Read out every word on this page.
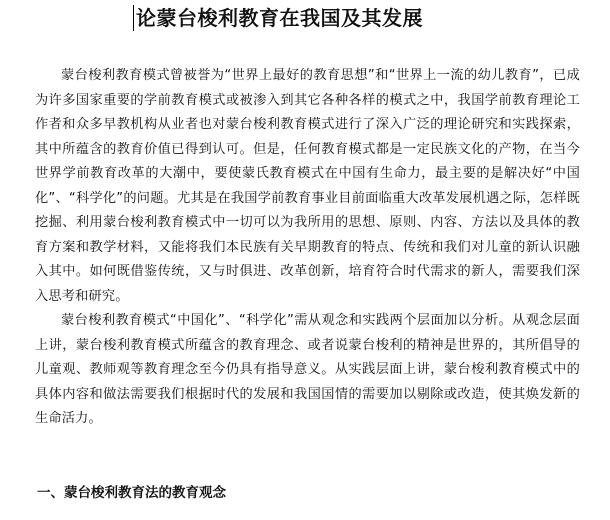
论蒙台梭利教育在我国及其发展

蒙台梭利教育模式曾被誉为“世界上最好的教育思想”和“世界上一流的幼儿教育”，已成为许多国家重要的学前教育模式或被渗入到其它各种各样的模式之中，我国学前教育理论工作者和众多早教机构从业者也对蒙台梭利教育模式进行了深入广泛的理论研究和实践探索，其中所蕴含的教育价值已得到认可。但是，任何教育模式都是一定民族文化的产物，在当今世界学前教育改革的大潮中，要使蒙氏教育模式在中国有生命力，最主要的是解决好“中国化”、“科学化”的问题。尤其是在我国学前教育事业目前面临重大改革发展机遇之际，怎样既挖掘、利用蒙台梭利教育模式中一切可以为我所用的思想、原则、内容、方法以及具体的教育方案和教学材料，又能将我们本民族有关早期教育的特点、传统和我们对儿童的新认识融入其中。如何既借鉴传统，又与时俱进、改革创新，培育符合时代需求的新人，需要我们深入思考和研究。

蒙台梭利教育模式“中国化”、“科学化”需从观念和实践两个层面加以分析。从观念层面上讲，蒙台梭利教育模式所蕴含的教育理念、或者说蒙台梭利的精神是世界的，其所倡导的儿童观、教师观等教育理念至今仍具有指导意义。从实践层面上讲，蒙台梭利教育模式中的具体内容和做法需要我们根据时代的发展和我国国情的需要加以剔除或改造，使其焕发新的生命活力。

一、蒙台梭利教育法的教育观念
